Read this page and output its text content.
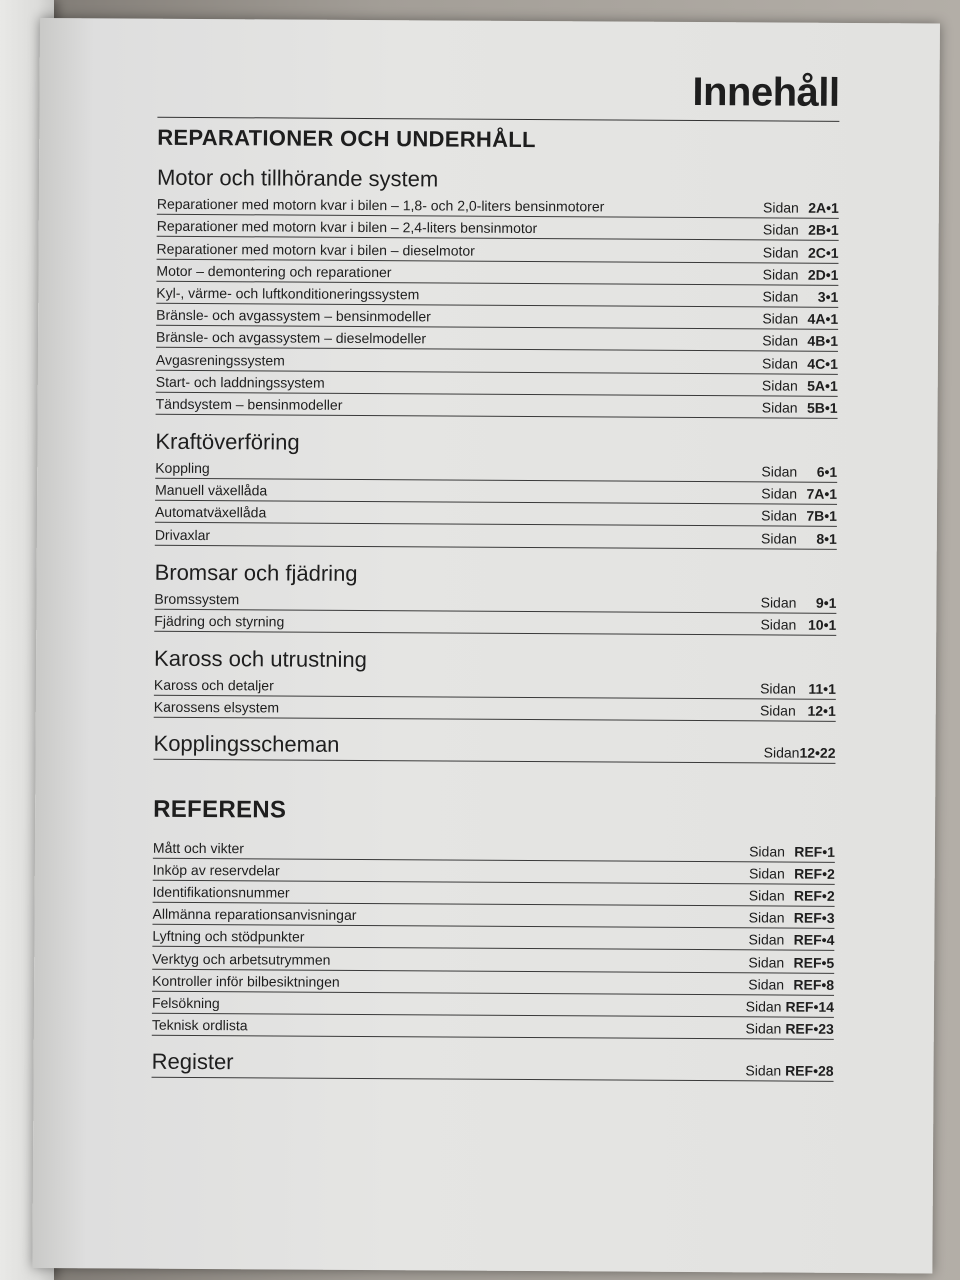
Innehåll
REPARATIONER OCH UNDERHÅLL
Motor och tillhörande system
Reparationer med motorn kvar i bilen – 1,8- och 2,0-liters bensinmotorer	Sidan 2A•1
Reparationer med motorn kvar i bilen – 2,4-liters bensinmotor	Sidan 2B•1
Reparationer med motorn kvar i bilen – dieselmotor	Sidan 2C•1
Motor – demontering och reparationer	Sidan 2D•1
Kyl-, värme- och luftkonditioneringssystem	Sidan 3•1
Bränsle- och avgassystem – bensinmodeller	Sidan 4A•1
Bränsle- och avgassystem – dieselmodeller	Sidan 4B•1
Avgasreningssystem	Sidan 4C•1
Start- och laddningssystem	Sidan 5A•1
Tändsystem – bensinmodeller	Sidan 5B•1
Kraftöverföring
Koppling	Sidan 6•1
Manuell växellåda	Sidan 7A•1
Automatväxellåda	Sidan 7B•1
Drivaxlar	Sidan 8•1
Bromsar och fjädring
Bromssystem	Sidan 9•1
Fjädring och styrning	Sidan 10•1
Kaross och utrustning
Kaross och detaljer	Sidan 11•1
Karossens elsystem	Sidan 12•1
Kopplingsscheman	Sidan12•22
REFERENS
Mått och vikter	Sidan REF•1
Inköp av reservdelar	Sidan REF•2
Identifikationsnummer	Sidan REF•2
Allmänna reparationsanvisningar	Sidan REF•3
Lyftning och stödpunkter	Sidan REF•4
Verktyg och arbetsutrymmen	Sidan REF•5
Kontroller inför bilbesiktningen	Sidan REF•8
Felsökning	Sidan REF•14
Teknisk ordlista	Sidan REF•23
Register	Sidan REF•28
